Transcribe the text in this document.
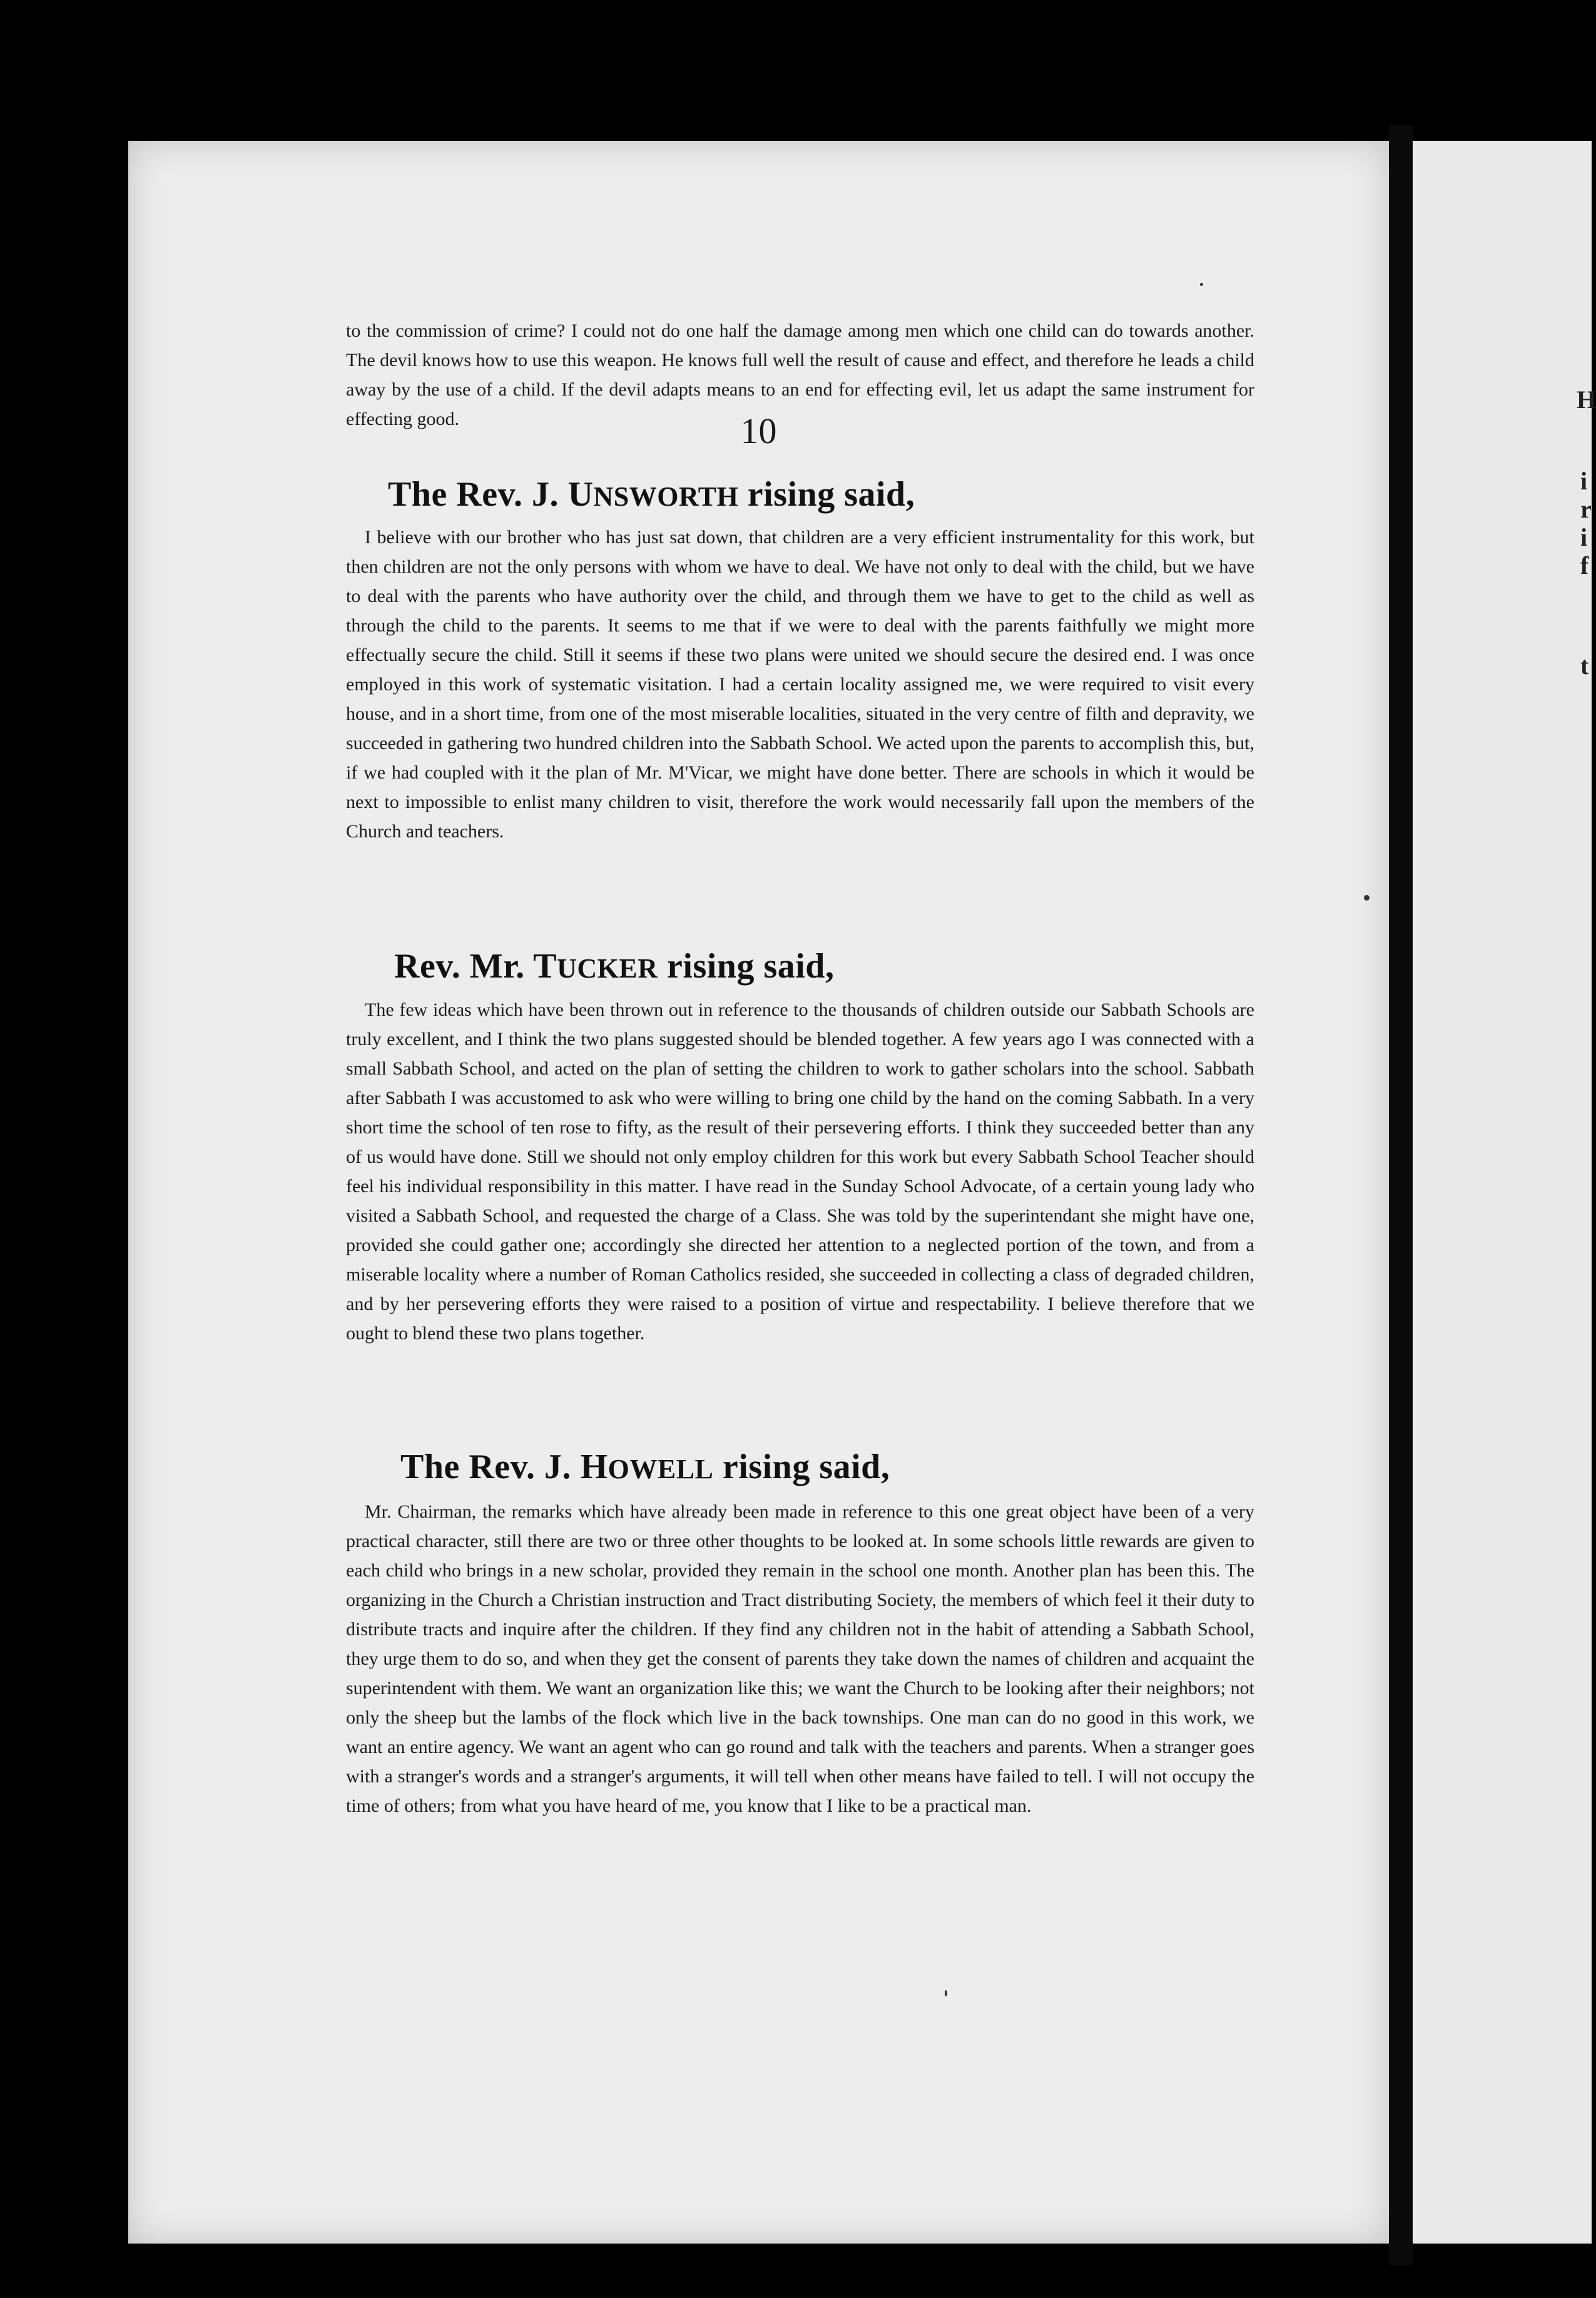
10

to the commission of crime? I could not do one half the damage among men which one child can do towards another. The devil knows how to use this weapon. He knows full well the result of cause and effect, and therefore he leads a child away by the use of a child. If the devil adapts means to an end for effecting evil, let us adapt the same instrument for effecting good.

The Rev. J. UNSWORTH rising said,

I believe with our brother who has just sat down, that children are a very efficient instrumentality for this work, but then children are not the only persons with whom we have to deal. We have not only to deal with the child, but we have to deal with the parents who have authority over the child, and through them we have to get to the child as well as through the child to the parents. It seems to me that if we were to deal with the parents faithfully we might more effectually secure the child. Still it seems if these two plans were united we should secure the desired end. I was once employed in this work of systematic visitation. I had a certain locality assigned me, we were required to visit every house, and in a short time, from one of the most miserable localities, situated in the very centre of filth and depravity, we succeeded in gathering two hundred children into the Sabbath School. We acted upon the parents to accomplish this, but, if we had coupled with it the plan of Mr. M'Vicar, we might have done better. There are schools in which it would be next to impossible to enlist many children to visit, therefore the work would necessarily fall upon the members of the Church and teachers.

Rev. Mr. TUCKER rising said,

The few ideas which have been thrown out in reference to the thousands of children outside our Sabbath Schools are truly excellent, and I think the two plans suggested should be blended together. A few years ago I was connected with a small Sabbath School, and acted on the plan of setting the children to work to gather scholars into the school. Sabbath after Sabbath I was accustomed to ask who were willing to bring one child by the hand on the coming Sabbath. In a very short time the school of ten rose to fifty, as the result of their persevering efforts. I think they succeeded better than any of us would have done. Still we should not only employ children for this work but every Sabbath School Teacher should feel his individual responsibility in this matter. I have read in the Sunday School Advocate, of a certain young lady who visited a Sabbath School, and requested the charge of a Class. She was told by the superintendant she might have one, provided she could gather one; accordingly she directed her attention to a neglected portion of the town, and from a miserable locality where a number of Roman Catholics resided, she succeeded in collecting a class of degraded children, and by her persevering efforts they were raised to a position of virtue and respectability. I believe therefore that we ought to blend these two plans together.

The Rev. J. HOWELL rising said,

Mr. Chairman, the remarks which have already been made in reference to this one great object have been of a very practical character, still there are two or three other thoughts to be looked at. In some schools little rewards are given to each child who brings in a new scholar, provided they remain in the school one month. Another plan has been this. The organizing in the Church a Christian instruction and Tract distributing Society, the members of which feel it their duty to distribute tracts and inquire after the children. If they find any children not in the habit of attending a Sabbath School, they urge them to do so, and when they get the consent of parents they take down the names of children and acquaint the superintendent with them. We want an organization like this; we want the Church to be looking after their neighbors; not only the sheep but the lambs of the flock which live in the back townships. One man can do no good in this work, we want an entire agency. We want an agent who can go round and talk with the teachers and parents. When a stranger goes with a stranger's words and a stranger's arguments, it will tell when other means have failed to tell. I will not occupy the time of others; from what you have heard of me, you know that I like to be a practical man.

H
i
r
i
f
t
